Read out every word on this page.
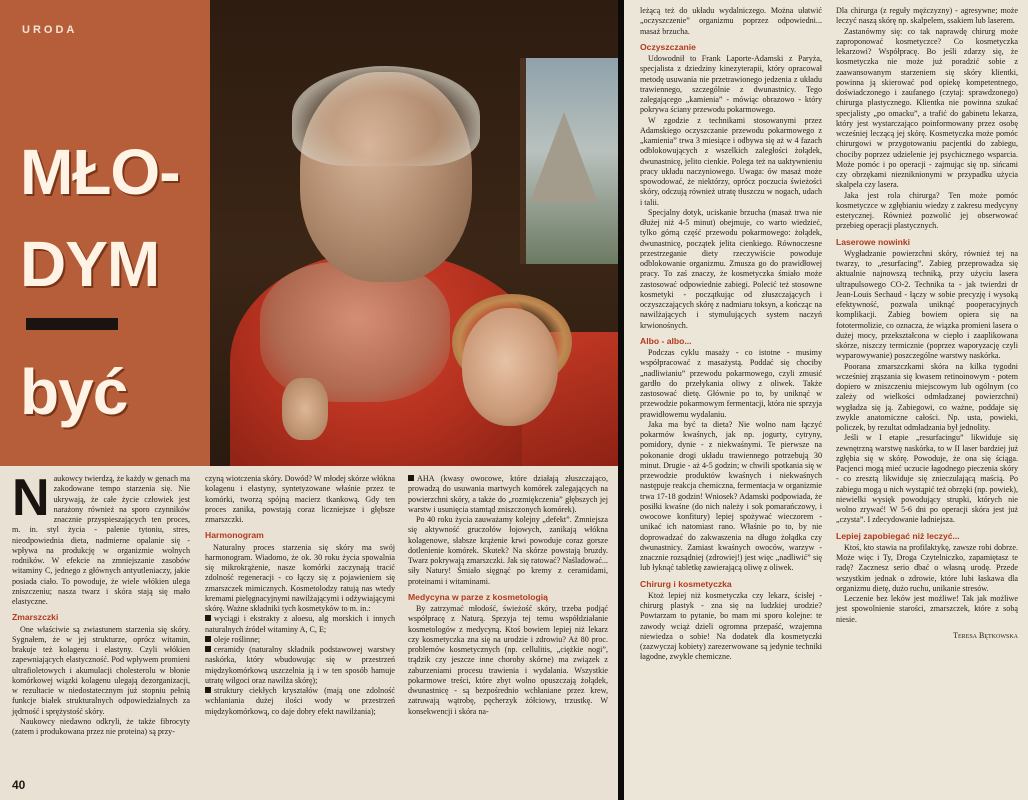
URODA
MŁO-
DYM
być

Naukowcy twierdzą, że każdy w genach ma zakodowane tempo starzenia się. Nie ukrywają, że całe życie człowiek jest narażony również na sporo czynników znacznie przyspieszających ten proces, m. in. styl życia - palenie tytoniu, stres, nieodpowiednia dieta, nadmierne opalanie się - wpływa na produkcję w organizmie wolnych rodników. W efekcie na zmniejszanie zasobów witaminy C, jednego z głównych antyutleniaczy, jakie posiada ciało. To powoduje, że wiele włókien ulega zniszczeniu; nasza twarz i skóra stają się mało elastyczne.

Zmarszczki

One właściwie są zwiastunem starzenia się skóry. Sygnałem, że w jej strukturze, oprócz witamin, brakuje też kolagenu i elastyny. Czyli włókien zapewniających elastyczność. Pod wpływem promieni ultrafioletowych i akumulacji cholesterolu w błonie komórkowej wiązki kolagenu ulegają dezorganizacji, w rezultacie w niedostatecznym już stopniu pełnią funkcje białek strukturalnych odpowiedzialnych za jędrność i sprężystość skóry.

Naukowcy niedawno odkryli, że także fibrocyty (zatem i produkowana przez nie proteina) są przy-

czyną wiotczenia skóry. Dowód? W młodej skórze włókna kolagenu i elastyny, syntetyzowane właśnie przez te komórki, tworzą spójną macierz tkankową. Gdy ten proces zanika, powstają coraz liczniejsze i głębsze zmarszczki.

Harmonogram

Naturalny proces starzenia się skóry ma swój harmonogram. Wiadomo, że ok. 30 roku życia spowalnia się mikrokrążenie, nasze komórki zaczynają tracić zdolność regeneracji - co łączy się z pojawieniem się zmarszczek mimicznych. Kosmetolodzy ratują nas wtedy kremami pielęgnacyjnymi nawilżającymi i odżywiającymi skórę. Ważne składniki tych kosmetyków to m. in.:

wyciągi i ekstrakty z aloesu, alg morskich i innych naturalnych źródeł witaminy A, C, E;

oleje roślinne;

ceramidy (naturalny składnik podstawowej warstwy naskórka, który wbudowując się w przestrzeń międzykomórkową uszczelnia ją i w ten sposób hamuje utratę wilgoci oraz nawilża skórę);

struktury ciekłych kryształów (mają one zdolność wchłaniania dużej ilości wody w przestrzeń międzykomórkową, co daje dobry efekt nawilżania);

AHA (kwasy owocowe, które działają złuszczająco, prowadzą do usuwania martwych komórek zalegających na powierzchni skóry, a także do „rozmiękczenia” głębszych jej warstw i usunięcia stamtąd zniszczonych komórek).

Po 40 roku życia zauważamy kolejny „defekt”. Zmniejsza się aktywność gruczołów łojowych, zanikają włókna kolagenowe, słabsze krążenie krwi powoduje coraz gorsze dotlenienie komórek. Skutek? Na skórze powstają bruzdy. Twarz pokrywają zmarszczki. Jak się ratować? Naśladować... siły Natury! Śmiało sięgnąć po kremy z ceramidami, proteinami i witaminami.

Medycyna w parze z kosmetologią

By zatrzymać młodość, świeżość skóry, trzeba podjąć współpracę z Naturą. Sprzyja tej temu współdziałanie kosmetologów z medycyną. Ktoś bowiem lepiej niż lekarz czy kosmetyczka zna się na urodzie i zdrowiu? Aż 80 proc. problemów kosmetycznych (np. cellulitis, „ciężkie nogi”, trądzik czy jeszcze inne choroby skórne) ma związek z zaburzeniami procesu trawienia i wydalania. Wszystkie pokarmowe treści, które zbyt wolno opuszczają żołądek, dwunastnicę - są bezpośrednio wchłaniane przez krew, zatruwają wątrobę, pęcherzyk żółciowy, trzustkę. W konsekwencji i skóra na-

40

leżącą też do układu wydalniczego. Można ułatwić „oczyszczenie” organizmu poprzez odpowiedni... masaż brzucha.

Oczyszczanie

Udowodnił to Frank Laporte-Adamski z Paryża, specjalista z dziedziny kinezyterapii, który opracował metodę usuwania nie przetrawionego jedzenia z układu trawiennego, szczególnie z dwunastnicy. Tego zalegającego „kamienia” - mówiąc obrazowo - który pokrywa ściany przewodu pokarmowego.

W zgodzie z technikami stosowanymi przez Adamskiego oczyszczanie przewodu pokarmowego z „kamienia” trwa 3 miesiące i odbywa się aż w 4 fazach odblokowujących z wszelkich zaległości żołądek, dwunastnicę, jelito cienkie. Polega też na uaktywnieniu pracy układu naczyniowego. Uwaga: ów masaż może spowodować, że niektórzy, oprócz poczucia świeżości skóry, odczują również utratę tłuszczu w nogach, udach i talii.

Specjalny dotyk, uciskanie brzucha (masaż trwa nie dłużej niż 4-5 minut) obejmuje, co warto wiedzieć, tylko górną część przewodu pokarmowego: żołądek, dwunastnicę, początek jelita cienkiego. Równoczesne przestrzeganie diety rzeczywiście powoduje odblokowanie organizmu. Zmusza go do prawidłowej pracy. To zaś znaczy, że kosmetyczka śmiało może zastosować odpowiednie zabiegi. Polecić też stosowne kosmetyki - początkując od złuszczających i oczyszczających skórę z nadmiaru toksyn, a kończąc na nawilżających i stymulujących system naczyń krwionośnych.

Albo - albo...

Podczas cyklu masaży - co istotne - musimy współpracować z masażystą. Poddać się chociby „nadliwianiu” przewodu pokarmowego, czyli zmusić gardło do przełykania oliwy z oliwek. Także zastosować dietę. Głównie po to, by uniknąć w przewodzie pokarmowym fermentacji, która nie sprzyja prawidłowemu wydalaniu.

Jaka ma być ta dieta? Nie wolno nam łączyć pokarmów kwaśnych, jak np. jogurty, cytryny, pomidory, dynie - z niekwaśnymi. Te pierwsze na pokonanie drogi układu trawiennego potrzebują 30 minut. Drugie - aż 4-5 godzin; w chwili spotkania się w przewodzie produktów kwaśnych i niekwaśnych następuje reakcja chemiczna, fermentacja w organizmie trwa 17-18 godzin! Wniosek? Adamski podpowiada, że posiłki kwaśne (do nich należy i sok pomarańczowy, i owocowe konfitury) lepiej spożywać wieczorem - unikać ich natomiast rano. Właśnie po to, by nie doprowadzać do zakwaszenia na długo żołądka czy dwunastnicy. Zamiast kwaśnych owoców, warzyw - znacznie rozsądniej (zdrowiej!) jest więc „nadliwić” się lub łyknąć tabletkę zawierającą oliwę z oliwek.

Chirurg i kosmetyczka

Ktoż lepiej niż kosmetyczka czy lekarz, ścisłej - chirurg plastyk - zna się na ludzkiej urodzie? Powtarzam to pytanie, bo mam mi sporo kolejne: te zawody wciąż dzieli ogromna przepaść, wzajemna niewiedza o sobie! Na dodatek dla kosmetyczki (zazwyczaj kobiety) zarezerwowane są jedynie techniki łagodne, zwykle chemiczne.

Dla chirurga (z reguły mężczyzny) - agresywne; może leczyć naszą skórę np. skalpelem, ssakiem lub laserem.

Zastanówmy się: co tak naprawdę chirurg może zaproponować kosmetyczce? Co kosmetyczka lekarzowi? Współpracę. Bo jeśli zdarzy się, że kosmetyczka nie może już poradzić sobie z zaawansowanym starzeniem się skóry klientki, powinna ją skierować pod opiekę kompetentnego, doświadczonego i zaufanego (czytaj: sprawdzonego) chirurga plastycznego. Klientka nie powinna szukać specjalisty „po omacku”, a trafić do gabinetu lekarza, który jest wystarczająco poinformowany przez osobę wcześniej leczącą jej skórę. Kosmetyczka może pomóc chirurgowi w przygotowaniu pacjentki do zabiegu, chociby poprzez udzielenie jej psychicznego wsparcia. Może pomóc i po operacji - zajmując się np. sińcami czy obrzękami niezniknionymi w przypadku użycia skalpela czy lasera.

Jaka jest rola chirurga? Ten może pomóc kosmetyczce w zgłębianiu wiedzy z zakresu medycyny estetycznej. Również pozwolić jej obserwować przebieg operacji plastycznych.

Laserowe nowinki

Wygładzanie powierzchni skóry, również tej na twarzy, to „resurfacing”. Zabieg przeprowadza się aktualnie najnowszą techniką, przy użyciu lasera ultrapulsowego CO-2. Technika ta - jak twierdzi dr Jean-Louis Sechaud - łączy w sobie precyzję i wysoką efektywność, pozwala uniknąć pooperacyjnych komplikacji. Zabieg bowiem opiera się na fototermolizie, co oznacza, że wiązka promieni lasera o dużej mocy, przekształcona w ciepło i zaaplikowana skórze, niszczy termicznie (poprzez waporyzację czyli wyparowywanie) poszczególne warstwy naskórka.

Poorana zmarszczkami skóra na kilka tygodni wcześniej zrąszania się kwasem retinoinowym - potem dopiero w zniszczeniu miejscowym lub ogólnym (co zależy od wielkości odmładzanej powierzchni) wygładza się ją. Zabiegowi, co ważne, poddaje się zwykle anatomiczne całości. Np. usta, powieki, policzek, by rezultat odmładzania był jednolity.

Jeśli w I etapie „resurfacingu” likwiduje się zewnętrzną warstwę naskórka, to w II laser bardziej już zgłębia się w skórę. Powoduje, że ona się ściąga. Pacjenci mogą mieć uczucie łagodnego pieczenia skóry - co zresztą likwiduje się znieczulającą maścią. Po zabiegu mogą u nich wystąpić też obrzęki (np. powiek), niewielki wysięk powodujący strupki, których nie wolno zrywać! W 5-6 dni po operacji skóra jest już „czysta”. I zdecydowanie ładniejsza.

Lepiej zapobiegać niż leczyć...

Ktoś, kto stawia na profilaktykę, zawsze robi dobrze. Może więc i Ty, Droga Czytelniczko, zapamiętasz te radę? Zacznesz serio dbać o własną urodę. Przede wszystkim jednak o zdrowie, które lubi łaskawa dla organizmu dietę, dużo ruchu, unikanie stresów.

Leczenie bez leków jest możliwe! Tak jak możliwe jest spowolnienie starości, zmarszczek, które z sobą niesie.

Teresa Bętkowska
